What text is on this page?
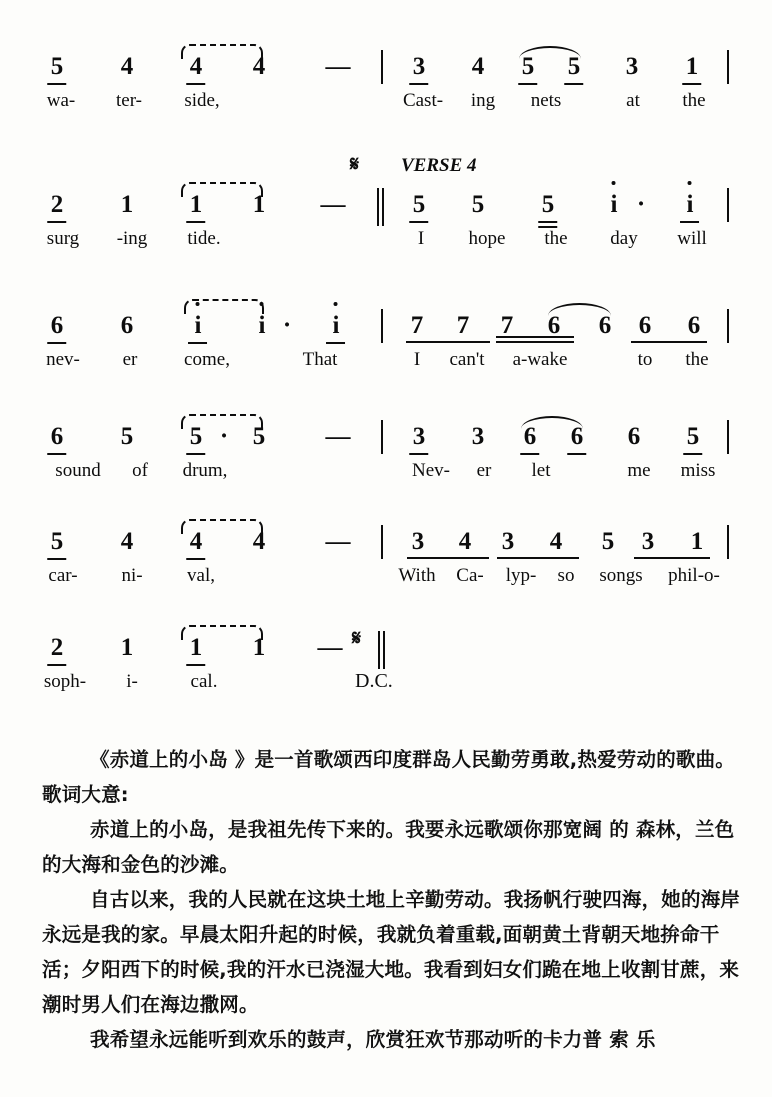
5 4 4 4 — 3 4 5 5 3 1
wa- ter- side,	Cast- ing nets	at the
𝄋 VERSE 4
2 1 1 1 —	5 5 5 i · i
surg -ing tide.	I hope the day will
6 6 i i · i	7 7 7 6 6 6 6
nev- er come,	That	I can't a-wake	to the
6 5 5 · 5 — 3 3 6 6 6 5
sound of drum,	Nev- er let	me miss
5 4 4 4 — 3 4 3 4 5 3 1
car- ni- val,	With Ca- lyp- so songs phil-o-
2 1 1 1 — 𝄋
soph- i-	cal.	D.C.

《赤道上的小岛 》是一首歌颂西印度群岛人民勤劳勇敢,热爱劳动的歌曲。歌词大意:

赤道上的小岛，是我祖先传下来的。我要永远歌颂你那宽阔 的 森林，兰色的大海和金色的沙滩。

自古以来，我的人民就在这块土地上辛勤劳动。我扬帆行驶四海，她的海岸永远是我的家。早晨太阳升起的时候，我就负着重载,面朝黄土背朝天地拚命干活；夕阳西下的时候,我的汗水已浇湿大地。我看到妇女们跪在地上收割甘蔗，来潮时男人们在海边撒网。

我希望永远能听到欢乐的鼓声，欣赏狂欢节那动听的卡力普 索 乐
